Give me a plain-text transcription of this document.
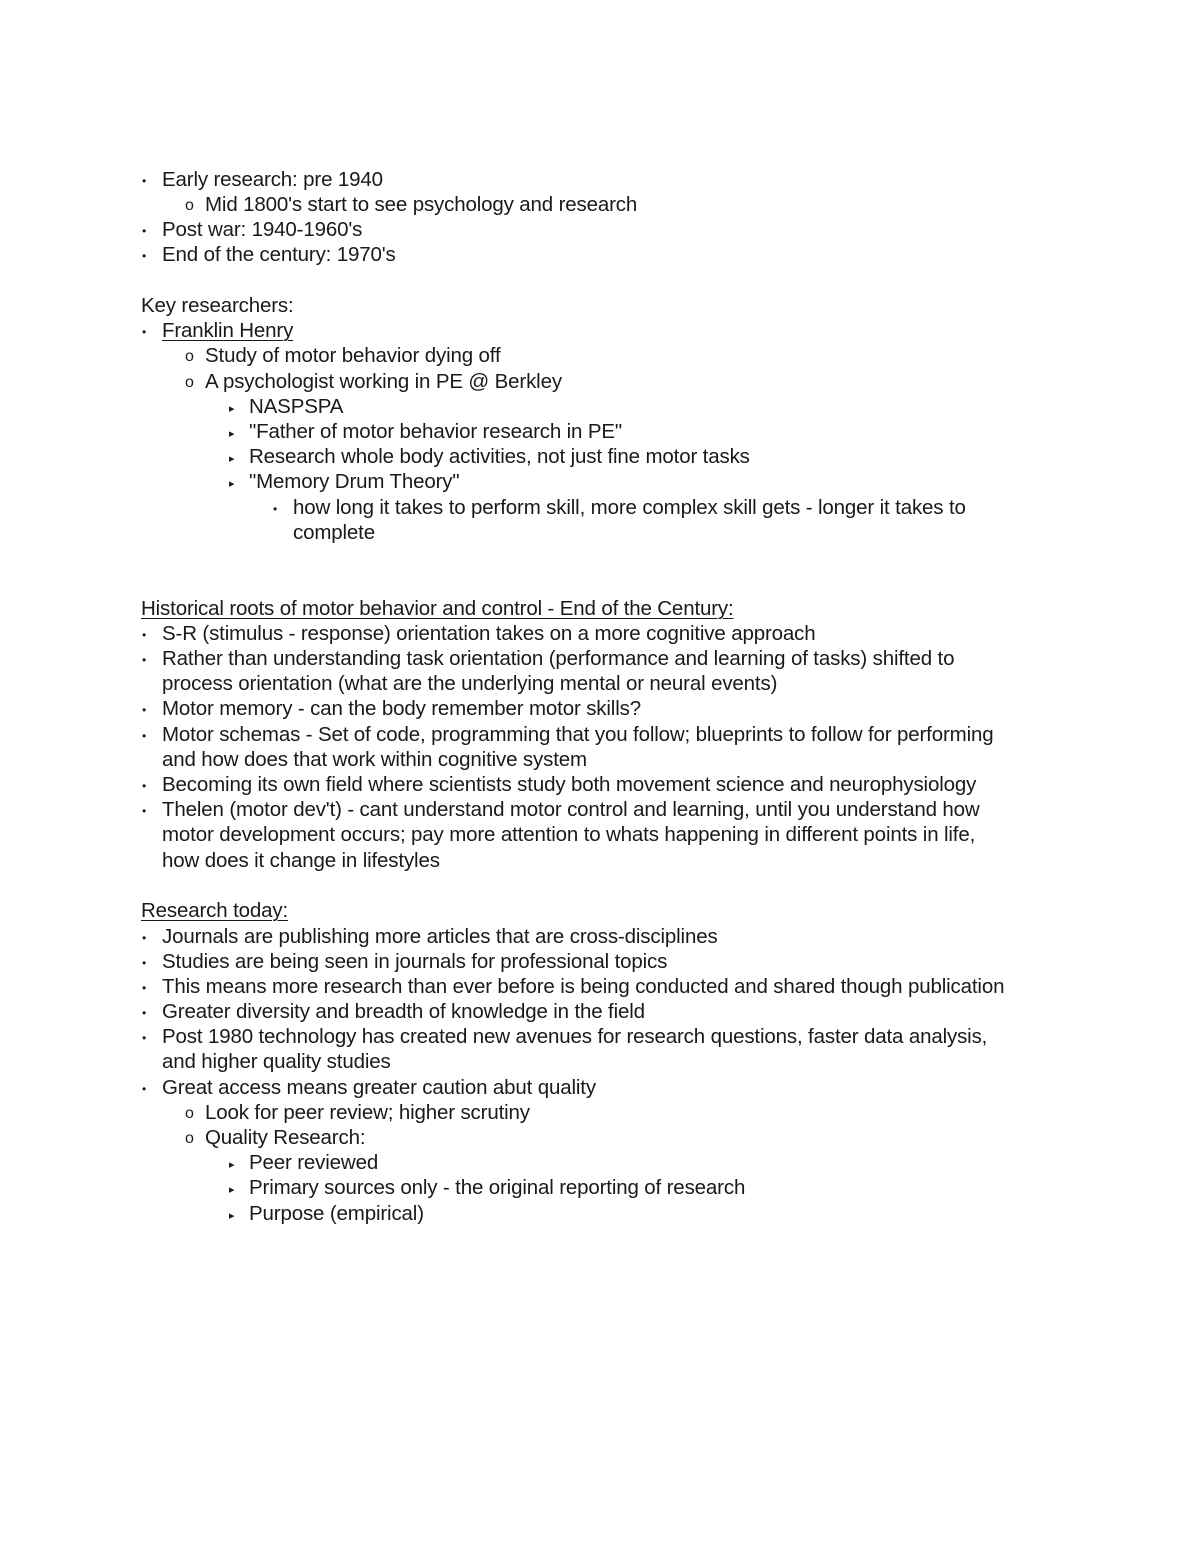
• Early research: pre 1940
o Mid 1800's start to see psychology and research
• Post war: 1940-1960's
• End of the century: 1970's
Key researchers:
• Franklin Henry
o Study of motor behavior dying off
o A psychologist working in PE @ Berkley
▸ NASPSPA
▸ "Father of motor behavior research in PE"
▸ Research whole body activities, not just fine motor tasks
▸ "Memory Drum Theory"
• how long it takes to perform skill, more complex skill gets - longer it takes to
complete
Historical roots of motor behavior and control - End of the Century:
• S-R (stimulus - response) orientation takes on a more cognitive approach
• Rather than understanding task orientation (performance and learning of tasks) shifted to
process orientation (what are the underlying mental or neural events)
• Motor memory - can the body remember motor skills?
• Motor schemas - Set of code, programming that you follow; blueprints to follow for performing
and how does that work within cognitive system
• Becoming its own field where scientists study both movement science and neurophysiology
• Thelen (motor dev't) - cant understand motor control and learning, until you understand how
motor development occurs; pay more attention to whats happening in different points in life,
how does it change in lifestyles
Research today:
• Journals are publishing more articles that are cross-disciplines
• Studies are being seen in journals for professional topics
• This means more research than ever before is being conducted and shared though publication
• Greater diversity and breadth of knowledge in the field
• Post 1980 technology has created new avenues for research questions, faster data analysis,
and higher quality studies
• Great access means greater caution abut quality
o Look for peer review; higher scrutiny
o Quality Research:
▸ Peer reviewed
▸ Primary sources only - the original reporting of research
▸ Purpose (empirical)
